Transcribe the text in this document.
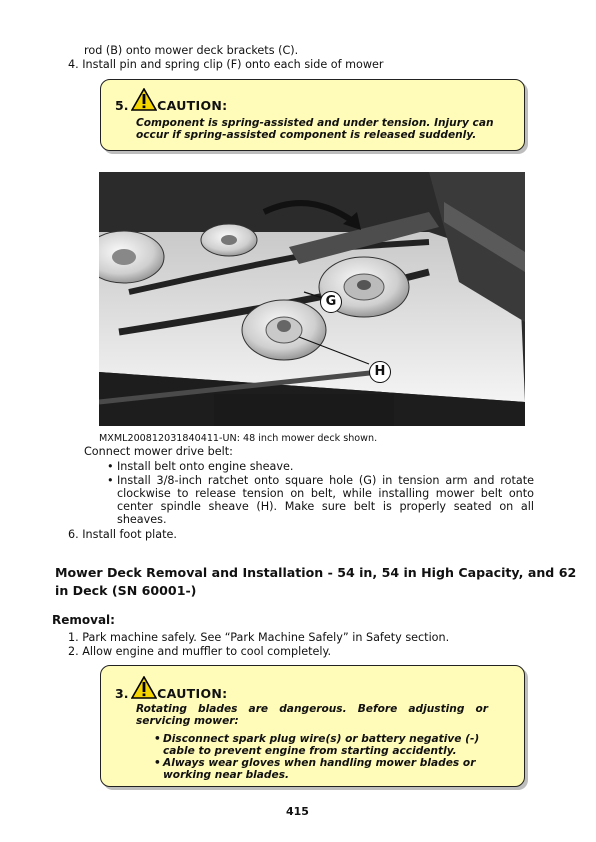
rod (B) onto mower deck brackets (C).
4. Install pin and spring clip (F) onto each side of mower
5. CAUTION:
Component is spring-assisted and under tension. Injury can
occur if spring-assisted component is released suddenly.
G
H
MXML200812031840411-UN: 48 inch mower deck shown.
Connect mower drive belt:
• Install belt onto engine sheave.
• Install 3/8-inch ratchet onto square hole (G) in tension arm and rotate
clockwise to release tension on belt, while installing mower belt onto
center spindle sheave (H). Make sure belt is properly seated on all
sheaves.
6. Install foot plate.
Mower Deck Removal and Installation - 54 in, 54 in High Capacity, and 62
in Deck (SN 60001-)
Removal:
1. Park machine safely. See “Park Machine Safely” in Safety section.
2. Allow engine and muffler to cool completely.
3. CAUTION:
Rotating blades are dangerous. Before adjusting or
servicing mower:
• Disconnect spark plug wire(s) or battery negative (-)
cable to prevent engine from starting accidently.
• Always wear gloves when handling mower blades or
working near blades.
415
